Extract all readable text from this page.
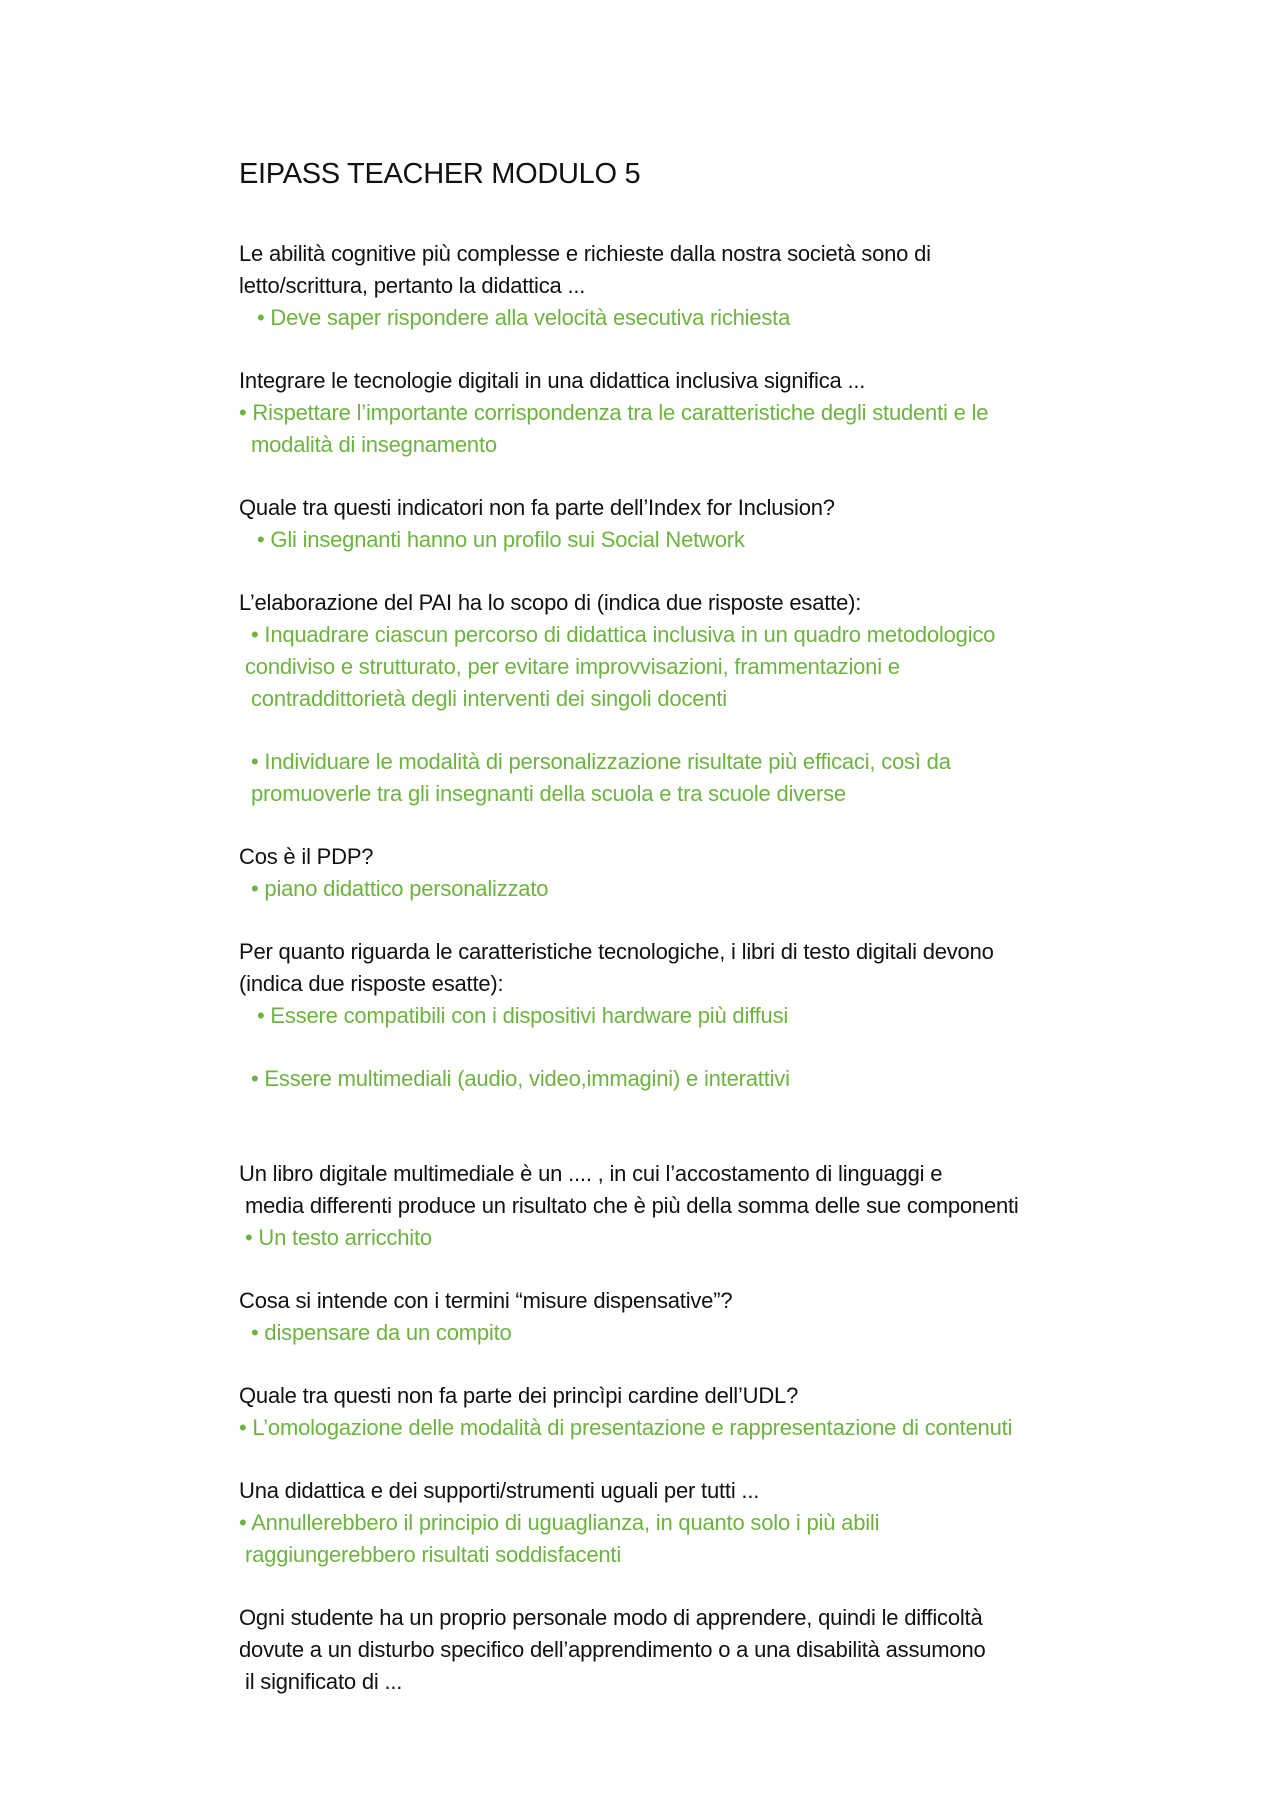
EIPASS TEACHER MODULO 5
Le abilità cognitive più complesse e richieste dalla nostra società sono di
letto/scrittura, pertanto la didattica ...
• Deve saper rispondere alla velocità esecutiva richiesta
Integrare le tecnologie digitali in una didattica inclusiva significa ...
• Rispettare l’importante corrispondenza tra le caratteristiche degli studenti e le
modalità di insegnamento
Quale tra questi indicatori non fa parte dell’Index for Inclusion?
• Gli insegnanti hanno un profilo sui Social Network
L’elaborazione del PAI ha lo scopo di (indica due risposte esatte):
• Inquadrare ciascun percorso di didattica inclusiva in un quadro metodologico
condiviso e strutturato, per evitare improvvisazioni, frammentazioni e
contraddittorietà degli interventi dei singoli docenti
• Individuare le modalità di personalizzazione risultate più efficaci, così da
promuoverle tra gli insegnanti della scuola e tra scuole diverse
Cos è il PDP?
• piano didattico personalizzato
Per quanto riguarda le caratteristiche tecnologiche, i libri di testo digitali devono
(indica due risposte esatte):
• Essere compatibili con i dispositivi hardware più diffusi
• Essere multimediali (audio, video,immagini) e interattivi
Un libro digitale multimediale è un .... , in cui l’accostamento di linguaggi e
media differenti produce un risultato che è più della somma delle sue componenti
• Un testo arricchito
Cosa si intende con i termini “misure dispensative”?
• dispensare da un compito
Quale tra questi non fa parte dei princìpi cardine dell’UDL?
• L’omologazione delle modalità di presentazione e rappresentazione di contenuti
Una didattica e dei supporti/strumenti uguali per tutti ...
• Annullerebbero il principio di uguaglianza, in quanto solo i più abili
raggiungerebbero risultati soddisfacenti
Ogni studente ha un proprio personale modo di apprendere, quindi le difficoltà
dovute a un disturbo specifico dell’apprendimento o a una disabilità assumono
il significato di ...
